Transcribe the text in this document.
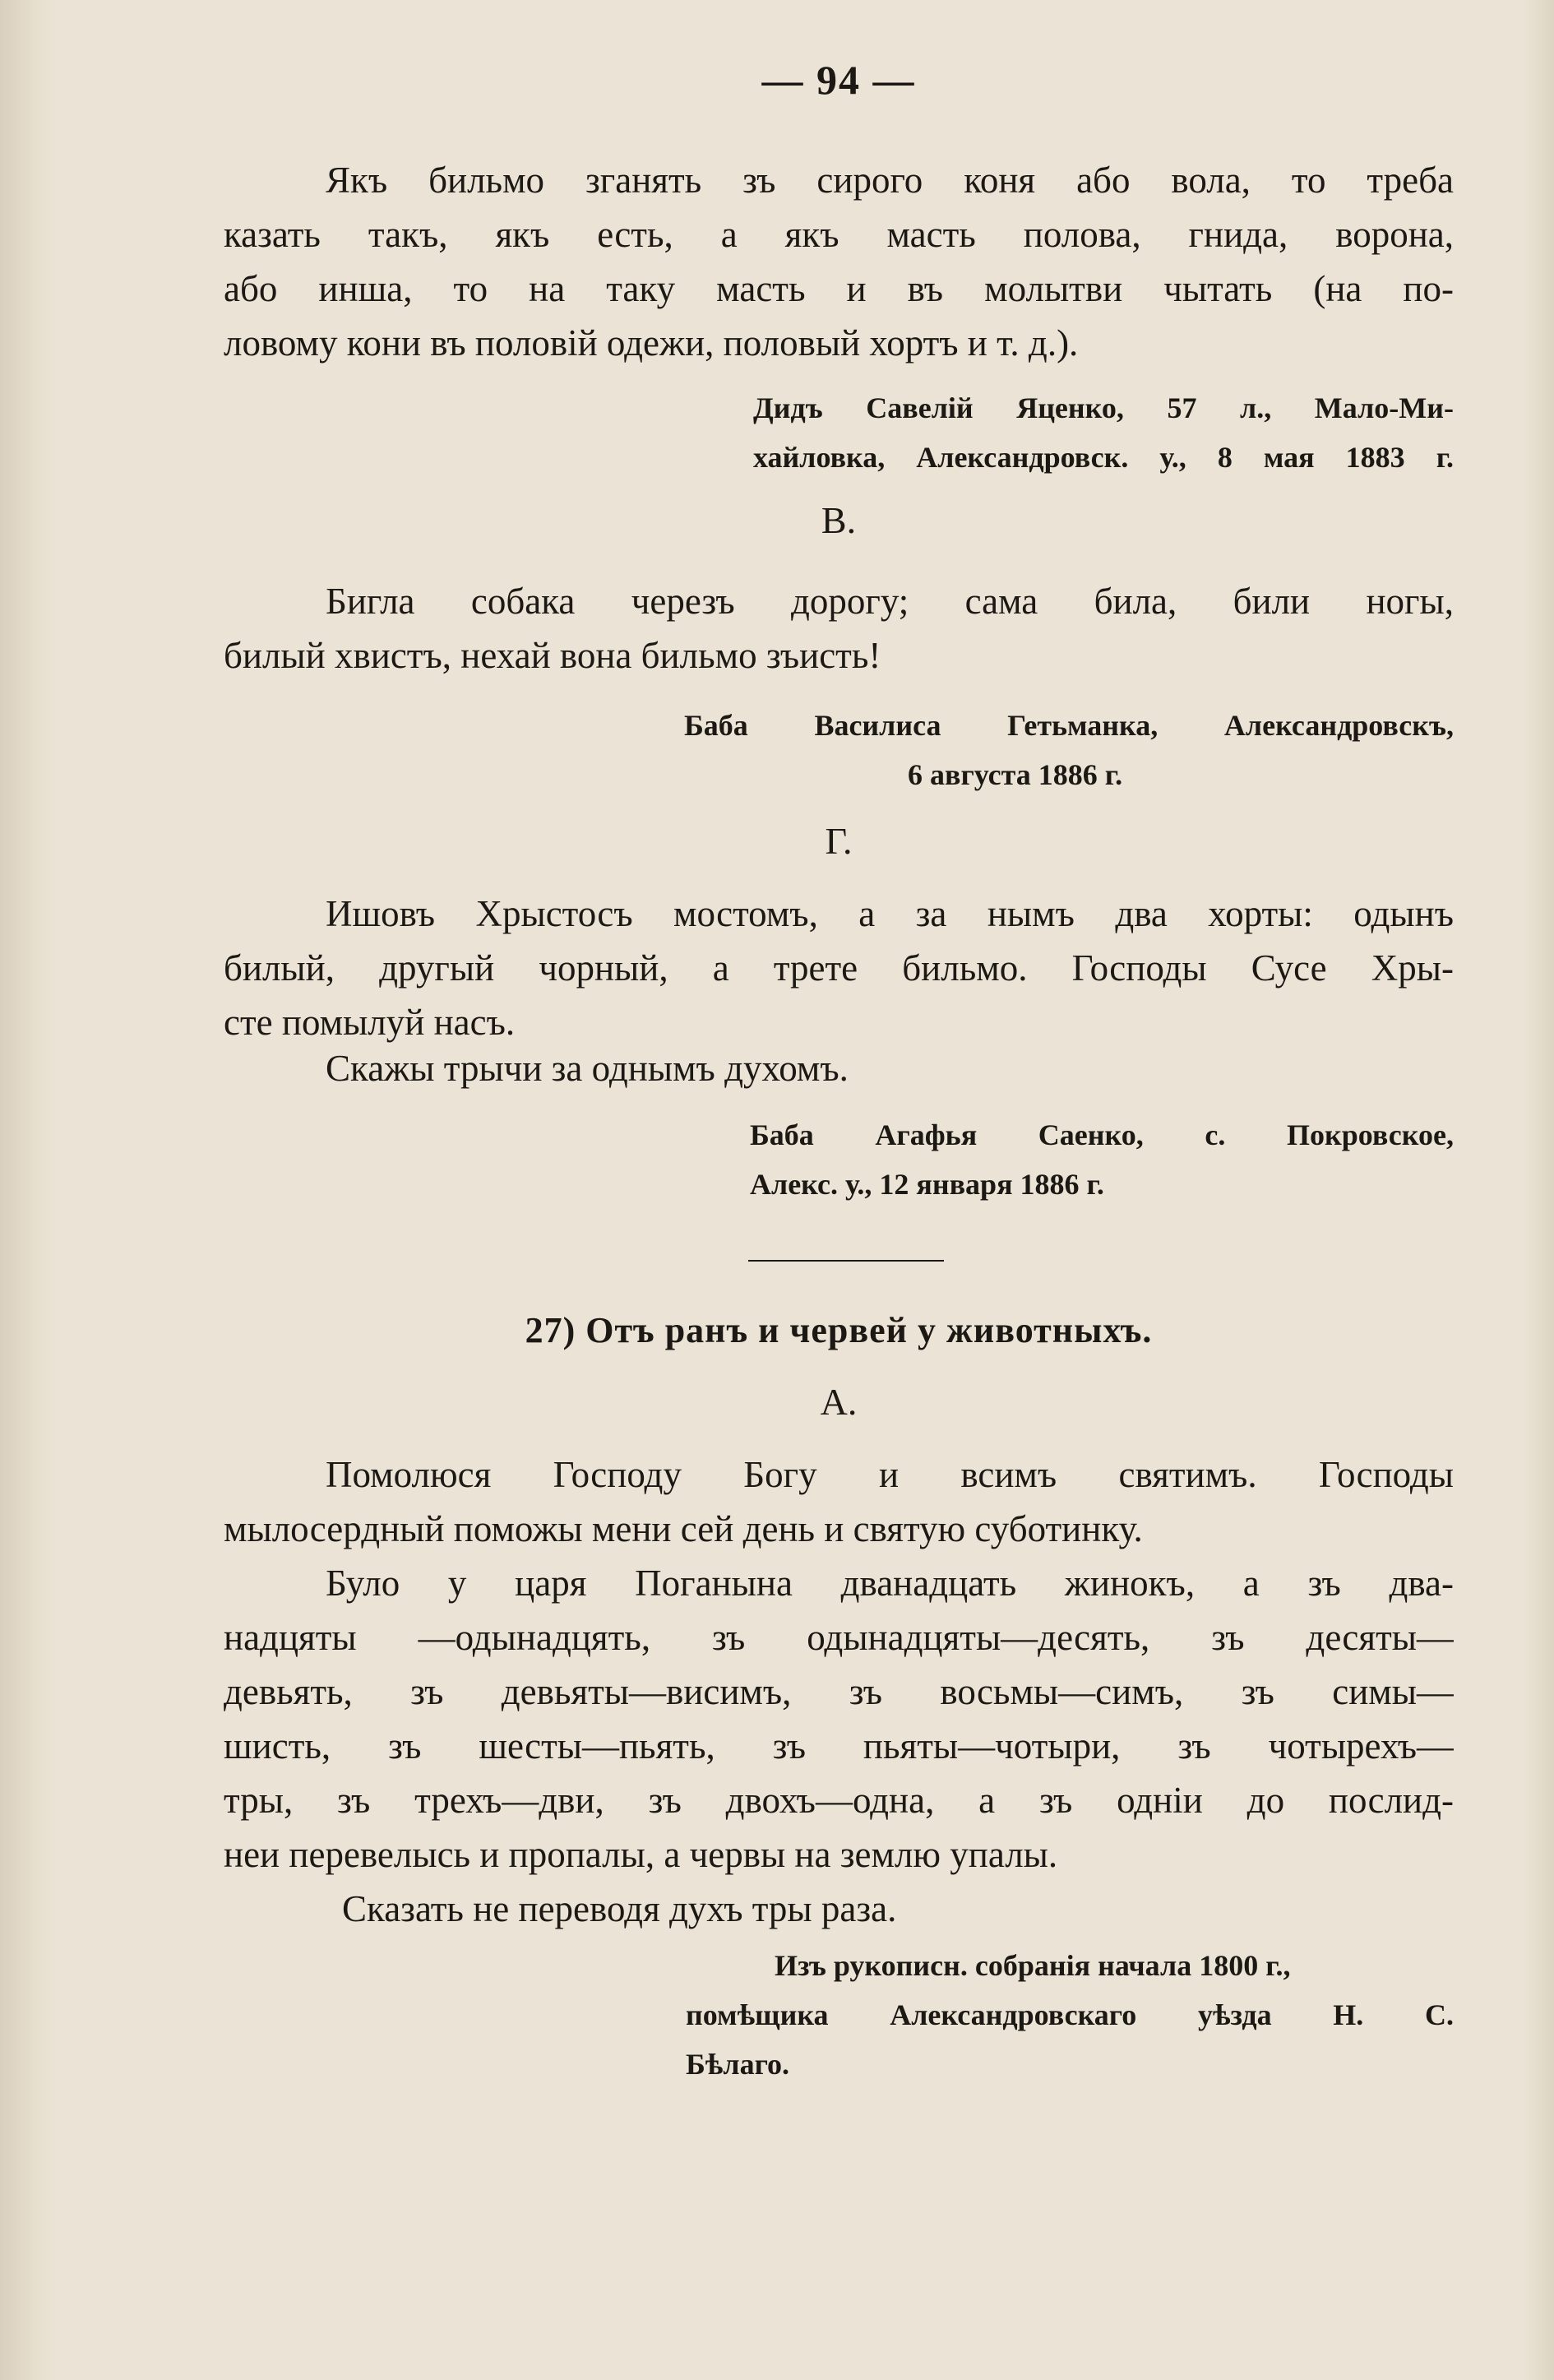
— 94 —
Якъ бильмо зганять зъ сирого коня або вола, то треба
казать такъ, якъ есть, а якъ масть полова, гнида, ворона,
або инша, то на таку масть и въ молытви чытать (на по-
ловому кони въ половій одежи, половый хортъ и т. д.).
Дидъ Савелій Яценко, 57 л., Мало-Ми-
хайловка, Александровск. у., 8 мая 1883 г.
В.
Бигла собака черезъ дорогу; сама била, били ногы,
билый хвистъ, нехай вона бильмо зъисть!
Баба Василиса Гетьманка, Александровскъ,
6 августа 1886 г.
Г.
Ишовъ Хрыстосъ мостомъ, а за нымъ два хорты: одынъ
билый, другый чорный, а трете бильмо. Господы Сусе Хры-
сте помылуй насъ.
Скажы трычи за однымъ духомъ.
Баба Агафья Саенко, с. Покровское,
Алекс. у., 12 января 1886 г.
27) Отъ ранъ и червей у животныхъ.
А.
Помолюся Господу Богу и всимъ святимъ. Господы
мылосердный поможы мени сей день и святую суботинку.
Було у царя Поганына дванадцать жинокъ, а зъ два-
надцяты —одынадцять, зъ одынадцяты—десять, зъ десяты—
девьять, зъ девьяты—висимъ, зъ восьмы—симъ, зъ симы—
шисть, зъ шесты—пьять, зъ пьяты—чотыри, зъ чотырехъ—
тры, зъ трехъ—дви, зъ двохъ—одна, а зъ одніи до послид-
неи перевелысь и пропалы, а червы на землю упалы.
Сказать не переводя духъ тры раза.
Изъ рукописн. собранія начала 1800 г.,
помѣщика Александровскаго уѣзда Н. С.
Бѣлаго.
